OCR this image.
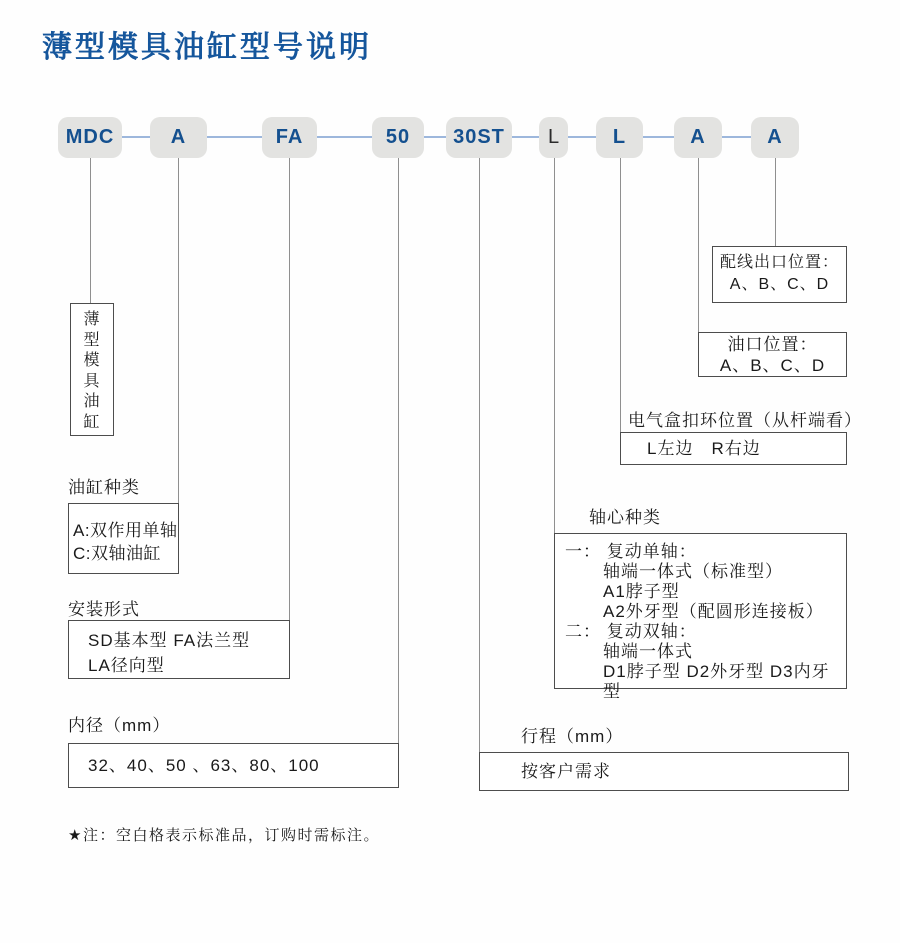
薄型模具油缸型号说明
MDC	A	FA	50 30ST L	L	A	A
薄
型
模
具
油
缸
油缸种类
A:双作用单轴
C:双轴油缸
安装形式
SD基本型 FA法兰型
LA径向型
内径（mm）
32、40、50 、63、80、100
配线出口位置：
A、B、C、D
油口位置：
A、B、C、D
电气盒扣环位置（从杆端看）
L左边　R右边
轴心种类
一： 复动单轴：
轴端一体式（标准型）
A1脖子型
A2外牙型（配圆形连接板）
二： 复动双轴：
轴端一体式
D1脖子型 D2外牙型 D3内牙型
行程（mm）
按客户需求
★注：空白格表示标准品，订购时需标注。
